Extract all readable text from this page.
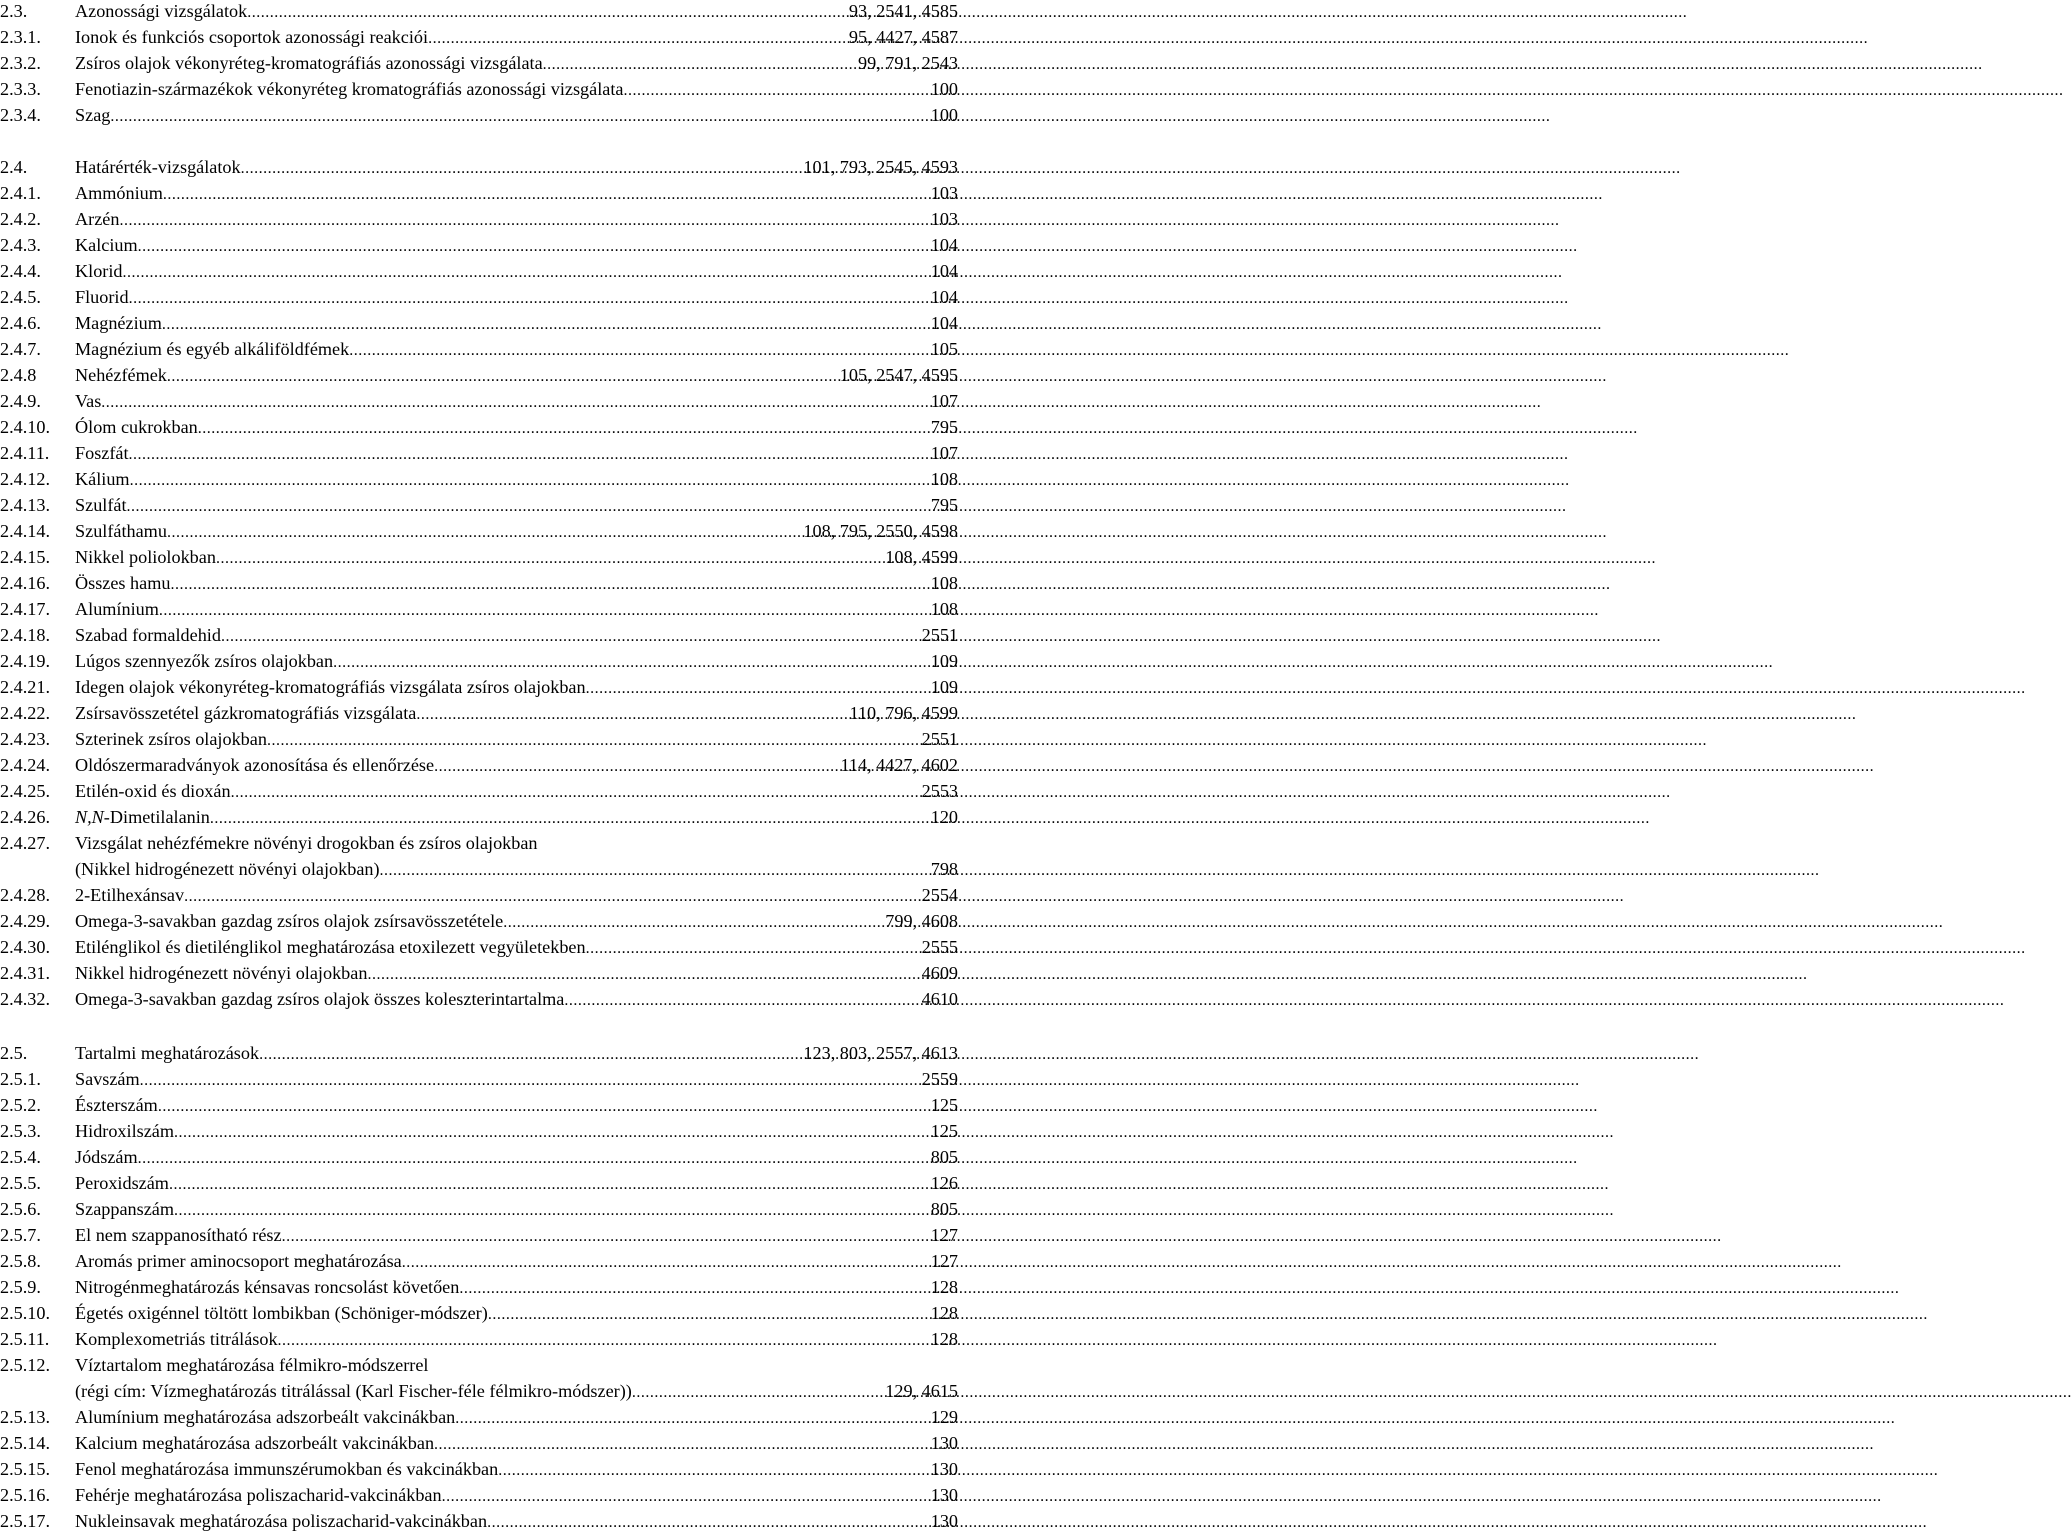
2.3.	Azonossági vizsgálatok .....	93, 2541, 4585
2.3.1. Ionok és funkciós csoportok azonossági reakciói .....	95, 4427, 4587
2.3.2. Zsíros olajok vékonyréteg-kromatográfiás azonossági vizsgálata .....	99, 791, 2543
2.3.3. Fenotiazin-származékok vékonyréteg kromatográfiás azonossági vizsgálata .....	100
2.3.4. Szag .....	100
2.4.	Határérték-vizsgálatok .....	101, 793, 2545, 4593
2.4.1. Ammónium .....	103
2.4.2. Arzén .....	103
2.4.3. Kalcium .....	104
2.4.4. Klorid .....	104
2.4.5. Fluorid .....	104
2.4.6. Magnézium .....	104
2.4.7. Magnézium és egyéb alkáliföldfémek .....	105
2.4.8 Nehézfémek .....	105, 2547, 4595
2.4.9. Vas .....	107
2.4.10. Ólom cukrokban .....	795
2.4.11. Foszfát .....	107
2.4.12. Kálium .....	108
2.4.13. Szulfát .....	795
2.4.14. Szulfáthamu .....	108, 795, 2550, 4598
2.4.15. Nikkel poliolokban .....	108, 4599
2.4.16. Összes hamu .....	108
2.4.17. Alumínium .....	108
2.4.18. Szabad formaldehid .....	2551
2.4.19. Lúgos szennyezők zsíros olajokban .....	109
2.4.21. Idegen olajok vékonyréteg-kromatográfiás vizsgálata zsíros olajokban .....	109
2.4.22. Zsírsavösszetétel gázkromatográfiás vizsgálata .....	110, 796, 4599
2.4.23. Szterinek zsíros olajokban .....	2551
2.4.24. Oldószermaradványok azonosítása és ellenőrzése .....	114, 4427, 4602
2.4.25. Etilén-oxid és dioxán .....	2553
2.4.26. N,N-Dimetilalanin .....	120
2.4.27. Vizsgálat nehézfémekre növényi drogokban és zsíros olajokban
(Nikkel hidrogénezett növényi olajokban) .....	798
2.4.28. 2-Etilhexánsav .....	2554
2.4.29. Omega-3-savakban gazdag zsíros olajok zsírsavösszetétele .....	799, 4608
2.4.30. Etilénglikol és dietilénglikol meghatározása etoxilezett vegyületekben .....	2555
2.4.31. Nikkel hidrogénezett növényi olajokban .....	4609
2.4.32. Omega-3-savakban gazdag zsíros olajok összes koleszterintartalma .....	4610
2.5.	Tartalmi meghatározások .....	123, 803, 2557, 4613
2.5.1. Savszám .....	2559
2.5.2. Észterszám .....	125
2.5.3. Hidroxilszám .....	125
2.5.4. Jódszám .....	805
2.5.5. Peroxidszám .....	126
2.5.6. Szappanszám .....	805
2.5.7. El nem szappanosítható rész .....	127
2.5.8. Aromás primer aminocsoport meghatározása .....	127
2.5.9. Nitrogénmeghatározás kénsavas roncsolást követően .....	128
2.5.10. Égetés oxigénnel töltött lombikban (Schöniger-módszer) .....	128
2.5.11. Komplexometriás titrálások .....	128
2.5.12. Víztartalom meghatározása félmikro-módszerrel
(régi cím: Vízmeghatározás titrálással (Karl Fischer-féle félmikro-módszer)) .....	129, 4615
2.5.13. Alumínium meghatározása adszorbeált vakcinákban .....	129
2.5.14. Kalcium meghatározása adszorbeált vakcinákban .....	130
2.5.15. Fenol meghatározása immunszérumokban és vakcinákban .....	130
2.5.16. Fehérje meghatározása poliszacharid-vakcinákban .....	130
2.5.17. Nukleinsavak meghatározása poliszacharid-vakcinákban .....	130
